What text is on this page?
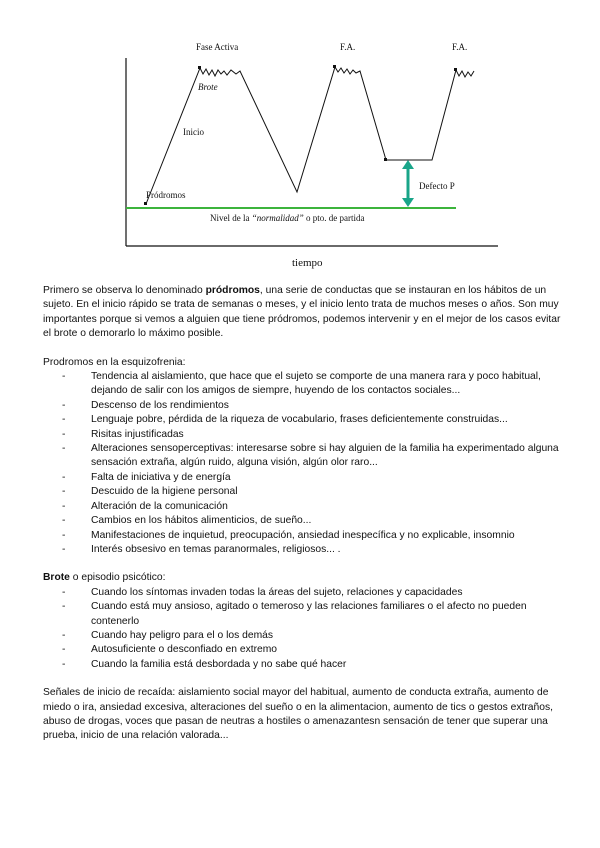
Fase Activa	F.A.	F.A.
Brote
Inicio
Pródromos
Defecto P
Nivel de la “normalidad” o pto. de partida
tiempo

Primero se observa lo denominado pródromos, una serie de conductas que se instauran en los hábitos de un sujeto. En el inicio rápido se trata de semanas o meses, y el inicio lento trata de muchos meses o años. Son muy importantes porque si vemos a alguien que tiene pródromos, podemos intervenir y en el mejor de los casos evitar el brote o demorarlo lo máximo posible.

Prodromos en la esquizofrenia:

- Tendencia al aislamiento, que hace que el sujeto se comporte de una manera rara y poco habitual, dejando de salir con los amigos de siempre, huyendo de los contactos sociales...
- Descenso de los rendimientos
- Lenguaje pobre, pérdida de la riqueza de vocabulario, frases deficientemente construidas...
- Risitas injustificadas
- Alteraciones sensoperceptivas: interesarse sobre si hay alguien de la familia ha experimentado alguna sensación extraña, algún ruido, alguna visión, algún olor raro...
- Falta de iniciativa y de energía
- Descuido de la higiene personal
- Alteración de la comunicación
- Cambios en los hábitos alimenticios, de sueño...
- Manifestaciones de inquietud, preocupación, ansiedad inespecífica y no explicable, insomnio
- Interés obsesivo en temas paranormales, religiosos... .

Brote o episodio psicótico:

- Cuando los síntomas invaden todas la áreas del sujeto, relaciones y capacidades
- Cuando está muy ansioso, agitado o temeroso y las relaciones familiares o el afecto no pueden contenerlo
- Cuando hay peligro para el o los demás
- Autosuficiente o desconfiado en extremo
- Cuando la familia está desbordada y no sabe qué hacer

Señales de inicio de recaída: aislamiento social mayor del habitual, aumento de conducta extraña, aumento de miedo o ira, ansiedad excesiva, alteraciones del sueño o en la alimentacion, aumento de tics o gestos extraños, abuso de drogas, voces que pasan de neutras a hostiles o amenazantesn sensación de tener que superar una prueba, inicio de una relación valorada...
